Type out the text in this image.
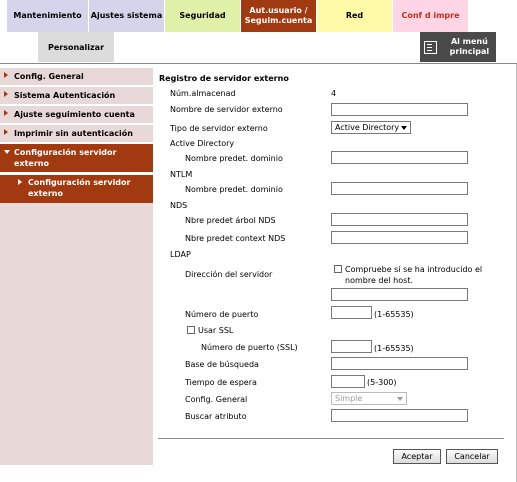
Mantenimiento	Ajustes sistema	Seguridad
Aut.usuario / Seguim.cuenta
Red	Conf d impre
Personalizar
Al menú principal
Config. General
Sistema Autenticación
Ajuste seguimiento cuenta
Imprimir sin autenticación
Configuración servidor externo
Configuración servidor externo
Registro de servidor externo
Núm.almacenad	4
Nombre de servidor externo
Tipo de servidor externo	Active Directory
Active Directory
Nombre predet. dominio
NTLM
Nombre predet. dominio
NDS
Nbre predet árbol NDS
Nbre predet context NDS
LDAP
Dirección del servidor
Compruebe si se ha introducido el nombre del host.
Número de puerto	(1-65535)
Usar SSL
Número de puerto (SSL)	(1-65535)
Base de búsqueda
Tiempo de espera	(5-300)
Config. General	Simple
Buscar atributo
Aceptar	Cancelar
